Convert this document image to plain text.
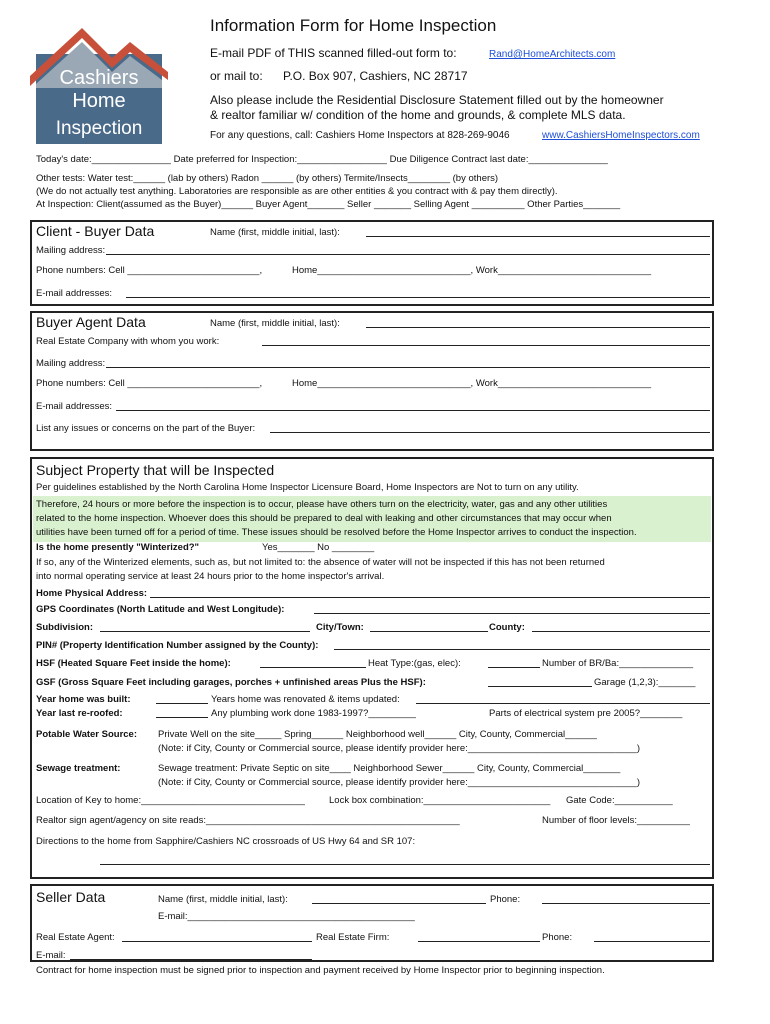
Cashiers
Home
Inspection
Information Form for Home Inspection
E-mail PDF of THIS scanned filled-out form to:	Rand@HomeArchitects.com
or mail to: P.O. Box 907, Cashiers, NC 28717
Also please include the Residential Disclosure Statement filled out by the homeowner
& realtor familiar w/ condition of the home and grounds, & complete MLS data.
For any questions, call: Cashiers Home Inspectors at 828-269-9046	www.CashiersHomeInspectors.com
Today's date:_______________ Date preferred for Inspection:_________________ Due Diligence Contract last date:_______________
Other tests: Water test:______ (lab by others) Radon ______ (by others) Termite/Insects________ (by others)
(We do not actually test anything. Laboratories are responsible as are other entities & you contract with & pay them directly).
At Inspection: Client(assumed as the Buyer)______ Buyer Agent_______ Seller _______ Selling Agent __________ Other Parties_______
Client - Buyer Data	Name (first, middle initial, last):
Mailing address:
Phone numbers: Cell _________________________,	Home_____________________________, Work_____________________________
E-mail addresses:
Buyer Agent Data	Name (first, middle initial, last):
Real Estate Company with whom you work:
Mailing address:
Phone numbers: Cell _________________________,	Home_____________________________, Work_____________________________
E-mail addresses:
List any issues or concerns on the part of the Buyer:
Subject Property that will be Inspected
Per guidelines established by the North Carolina Home Inspector Licensure Board, Home Inspectors are Not to turn on any utility.
Therefore, 24 hours or more before the inspection is to occur, please have others turn on the electricity, water, gas and any other utilities
related to the home inspection. Whoever does this should be prepared to deal with leaking and other circumstances that may occur when
utilities have been turned off for a period of time. These issues should be resolved before the Home Inspector arrives to conduct the inspection.
Is the home presently "Winterized?"	Yes_______ No ________
If so, any of the Winterized elements, such as, but not limited to: the absence of water will not be inspected if this has not been returned
into normal operating service at least 24 hours prior to the home inspector's arrival.
Home Physical Address:
GPS Coordinates (North Latitude and West Longitude):
Subdivision:	City/Town:	County:
PIN# (Property Identification Number assigned by the County):
HSF (Heated Square Feet inside the home):	Heat Type:(gas, elec):	Number of BR/Ba:______________
GSF (Gross Square Feet including garages, porches + unfinished areas Plus the HSF):	Garage (1,2,3):_______
Year home was built:	Years home was renovated & items updated:
Year last re-roofed:	Any plumbing work done 1983-1997?_________	Parts of electrical system pre 2005?________
Potable Water Source: Private Well on the site_____ Spring______ Neighborhood well______ City, County, Commercial______
(Note: if City, County or Commercial source, please identify provider here:________________________________)
Sewage treatment:	Sewage treatment: Private Septic on site____ Neighborhood Sewer______ City, County, Commercial_______
(Note: if City, County or Commercial source, please identify provider here:________________________________)
Location of Key to home:_______________________________	Lock box combination:________________________ Gate Code:___________
Realtor sign agent/agency on site reads:________________________________________________	Number of floor levels:__________
Directions to the home from Sapphire/Cashiers NC crossroads of US Hwy 64 and SR 107:
Seller Data	Name (first, middle initial, last):	Phone:
E-mail:___________________________________________
Real Estate Agent:	Real Estate Firm:	Phone:
E-mail:
Contract for home inspection must be signed prior to inspection and payment received by Home Inspector prior to beginning inspection.
